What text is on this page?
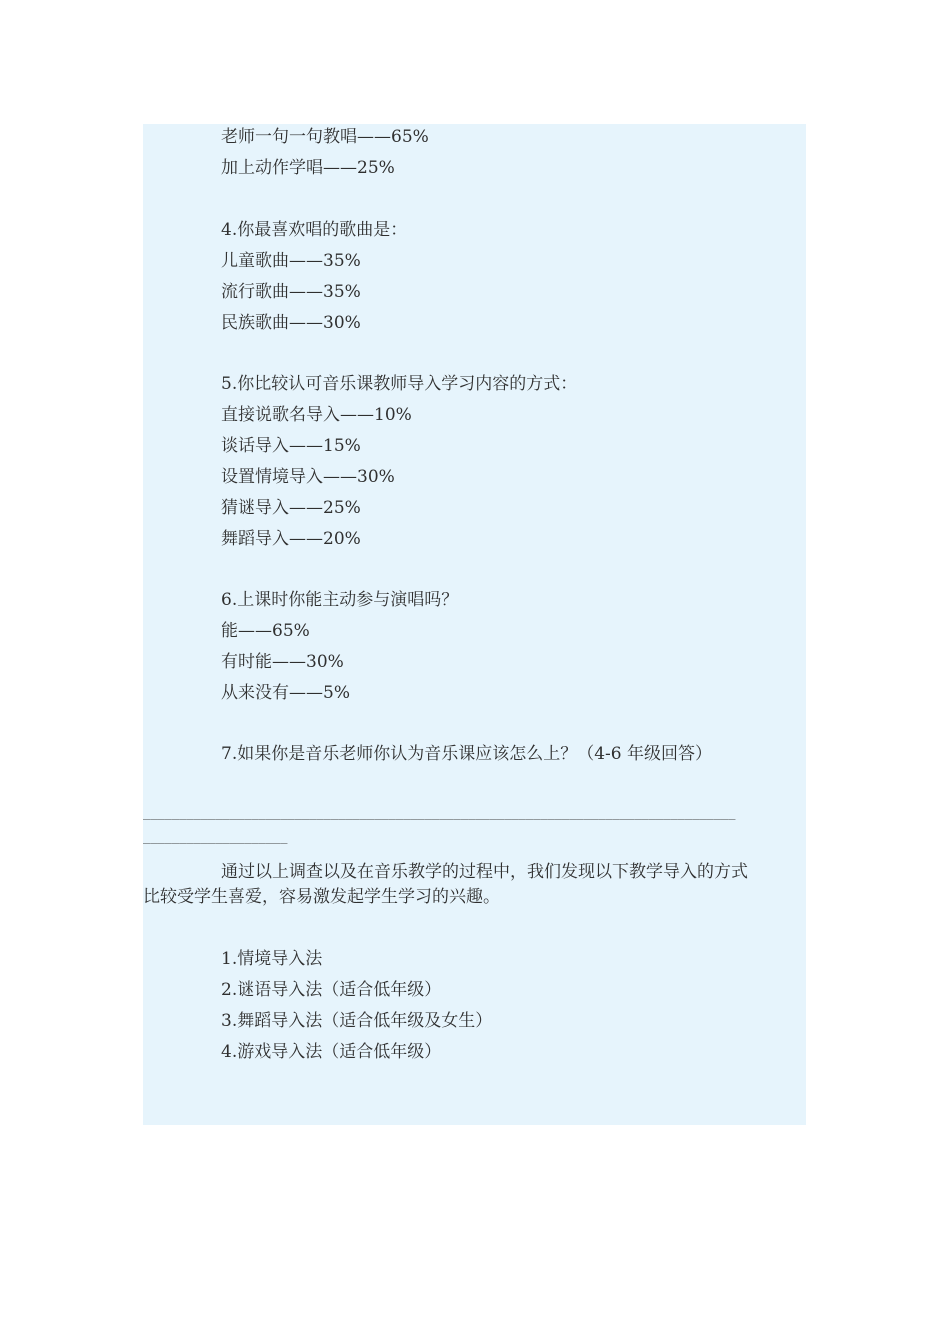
老师一句一句教唱——65%
加上动作学唱——25%
4.你最喜欢唱的歌曲是：
儿童歌曲——35%
流行歌曲——35%
民族歌曲——30%
5.你比较认可音乐课教师导入学习内容的方式：
直接说歌名导入——10%
谈话导入——15%
设置情境导入——30%
猜谜导入——25%
舞蹈导入——20%
6.上课时你能主动参与演唱吗？
能——65%
有时能——30%
从来没有——5%
7.如果你是音乐老师你认为音乐课应该怎么上？（4-6 年级回答）
__________________________________________________________________________________
____________________
通过以上调查以及在音乐教学的过程中，我们发现以下教学导入的方式
比较受学生喜爱，容易激发起学生学习的兴趣。
1.情境导入法
2.谜语导入法（适合低年级）
3.舞蹈导入法（适合低年级及女生）
4.游戏导入法（适合低年级）
